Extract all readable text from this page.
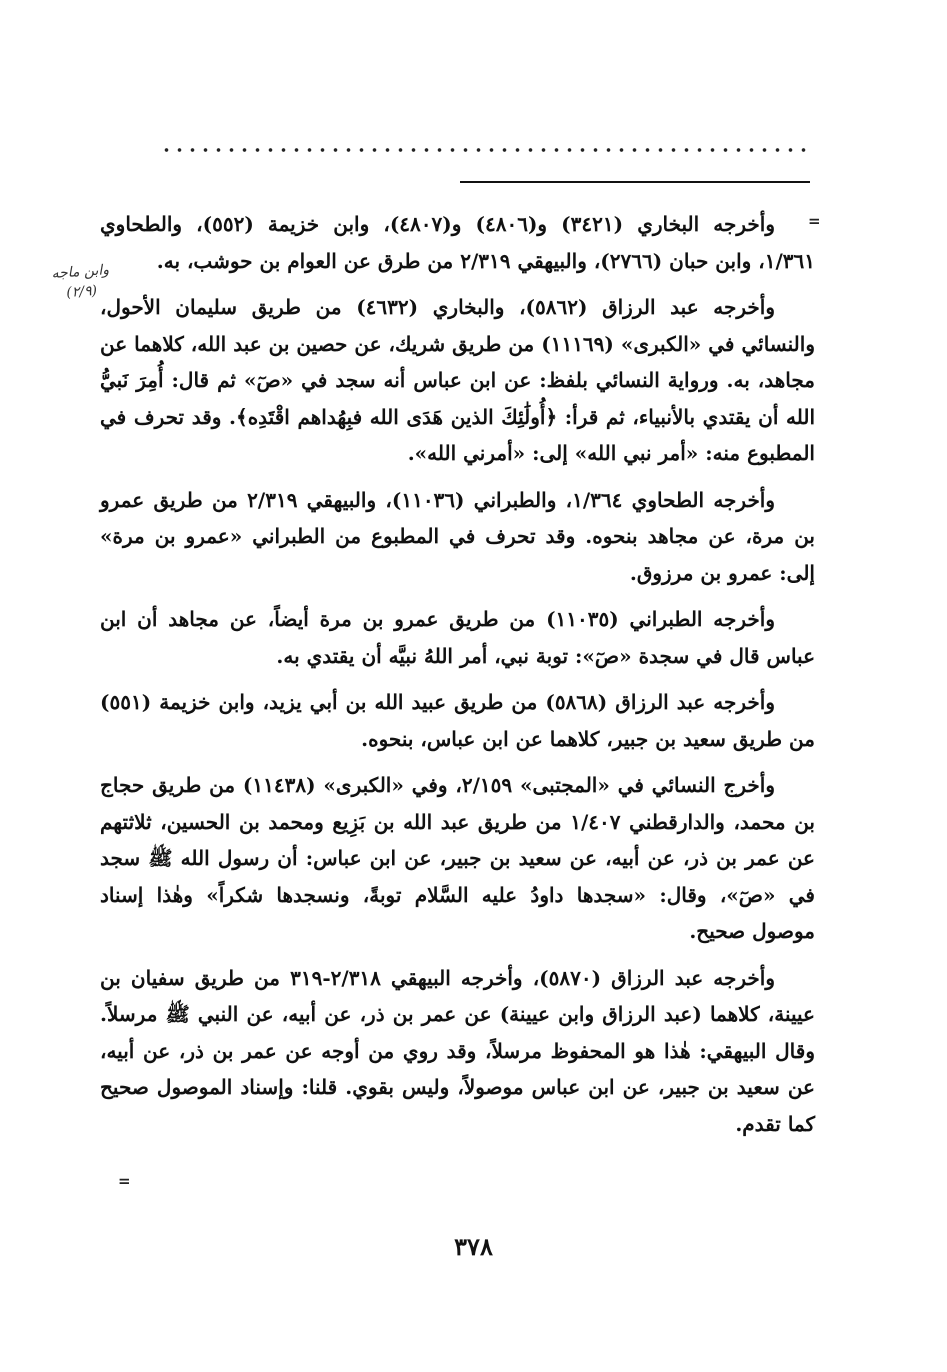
=
وابن ماجه (٢/٩)

وأخرجه البخاري (٣٤٢١) و(٤٨٠٦) و(٤٨٠٧)، وابن خزيمة (٥٥٢)، والطحاوي ١/٣٦١، وابن حبان (٢٧٦٦)، والبيهقي ٢/٣١٩ من طرق عن العوام بن حوشب، به.

وأخرجه عبد الرزاق (٥٨٦٢)، والبخاري (٤٦٣٢) من طريق سليمان الأحول، والنسائي في «الكبرى» (١١١٦٩) من طريق شريك، عن حصين بن عبد الله، كلاهما عن مجاهد، به. ورواية النسائي بلفظ: عن ابن عباس أنه سجد في «صٓ» ثم قال: أُمِرَ نَبيُّ الله أن يقتدي بالأنبياء، ثم قرأ: ﴿أُولَٰئِكَ الذين هَدَى الله فبِهُداهم اقْتَدِه﴾. وقد تحرف في المطبوع منه: «أمر نبي الله» إلى: «أمرني الله».

وأخرجه الطحاوي ١/٣٦٤، والطبراني (١١٠٣٦)، والبيهقي ٢/٣١٩ من طريق عمرو بن مرة، عن مجاهد بنحوه. وقد تحرف في المطبوع من الطبراني «عمرو بن مرة» إلى: عمرو بن مرزوق.

وأخرجه الطبراني (١١٠٣٥) من طريق عمرو بن مرة أيضاً، عن مجاهد أن ابن عباس قال في سجدة «صٓ»: توبة نبي، أمر اللهُ نبيَّه أن يقتدي به.

وأخرجه عبد الرزاق (٥٨٦٨) من طريق عبيد الله بن أبي يزيد، وابن خزيمة (٥٥١) من طريق سعيد بن جبير، كلاهما عن ابن عباس، بنحوه.

وأخرج النسائي في «المجتبى» ٢/١٥٩، وفي «الكبرى» (١١٤٣٨) من طريق حجاج بن محمد، والدارقطني ١/٤٠٧ من طريق عبد الله بن بَزِيع ومحمد بن الحسين، ثلاثتهم عن عمر بن ذر، عن أبيه، عن سعيد بن جبير، عن ابن عباس: أن رسول الله ﷺ سجد في «صٓ»، وقال: «سجدها داودُ عليه السَّلام توبةً، ونسجدها شكراً» وهٰذا إسناد موصول صحيح.

وأخرجه عبد الرزاق (٥٨٧٠)، وأخرجه البيهقي ٢/٣١٨-٣١٩ من طريق سفيان بن عيينة، كلاهما (عبد الرزاق وابن عيينة) عن عمر بن ذر، عن أبيه، عن النبي ﷺ مرسلاً. وقال البيهقي: هٰذا هو المحفوظ مرسلاً، وقد روي من أوجه عن عمر بن ذر، عن أبيه، عن سعيد بن جبير، عن ابن عباس موصولاً، وليس بقوي. قلنا: وإسناد الموصول صحيح كما تقدم.

=
٣٧٨
